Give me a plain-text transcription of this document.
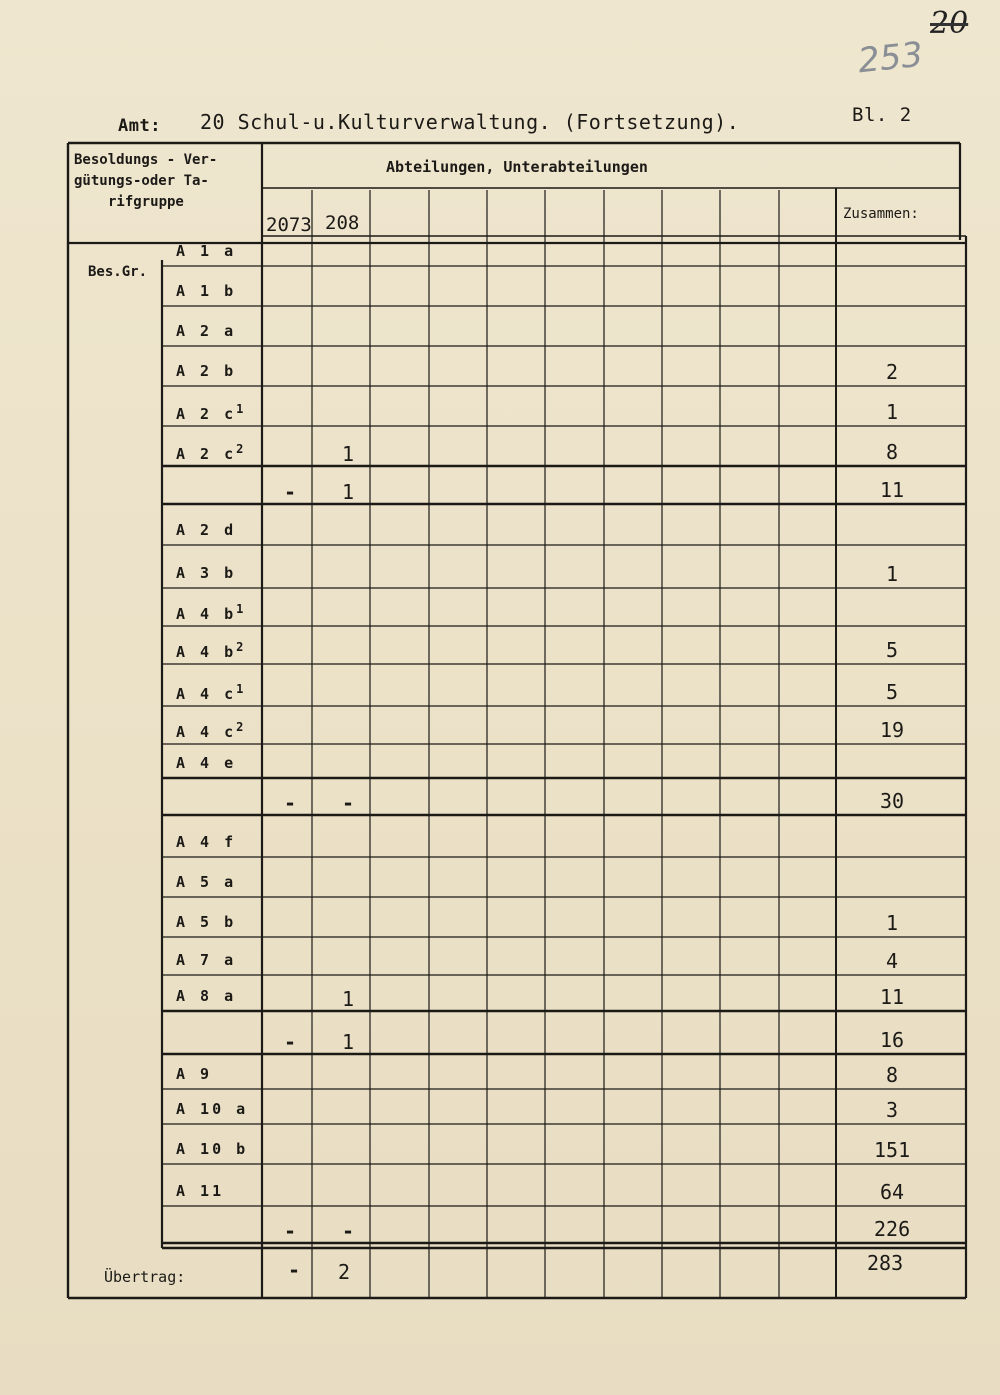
20
253
Amt: 20 Schul-u.Kulturverwaltung. (Fortsetzung).	Bl. 2
Besoldungs - Ver-
gütungs-oder Ta-
rifgruppe
Abteilungen, Unterabteilungen
2073 208	Zusammen:
Bes.Gr.
A 1 a
A 1 b
A 2 a
A 2 b	2
A 2 $c^1$	1
A 2 $c^2$	1	8
- 1	11
A 2 d
A 3 b	1
A 4 $b^1$
A 4 $b^2$	5
A 4 $c^1$	5
A 4 $c^2$	19
A 4 e
- -	30
A 4 f
A 5 a
A 5 b	1
A 7 a	4
A 8 a	1	11
- 1	16
A 9	8
A 10 a	3
A 10 b	151
A 11	64
- -	226
Übertrag:	- 2	283
